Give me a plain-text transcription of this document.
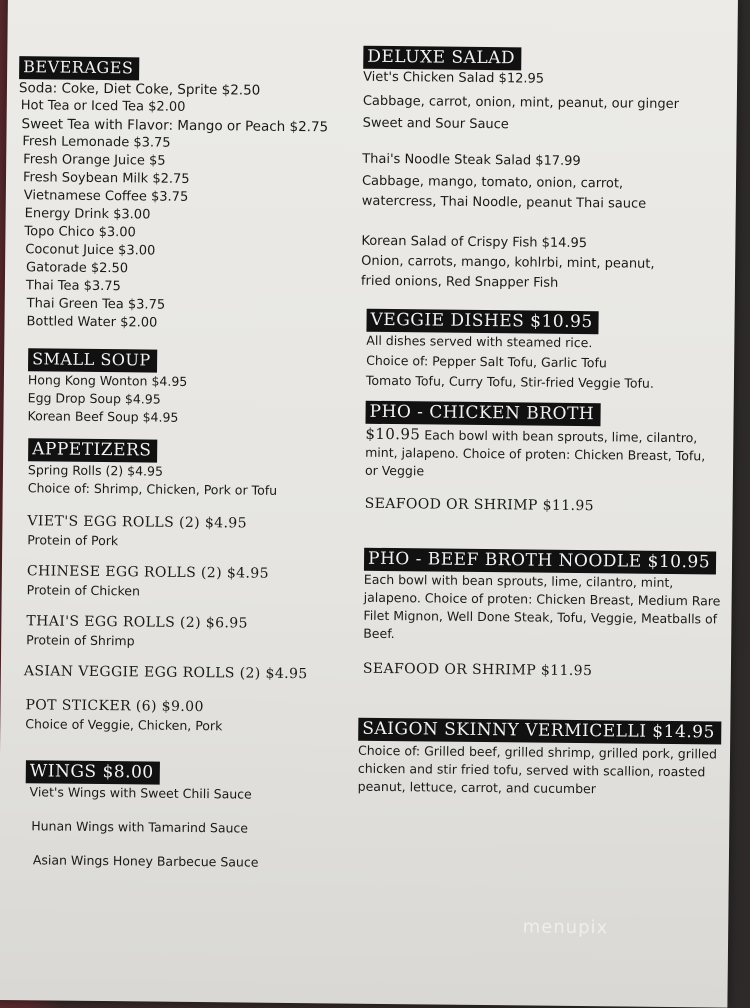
BEVERAGES
Soda: Coke, Diet Coke, Sprite $2.50
Hot Tea or Iced Tea $2.00
Sweet Tea with Flavor: Mango or Peach $2.75
Fresh Lemonade $3.75
Fresh Orange Juice $5
Fresh Soybean Milk $2.75
Vietnamese Coffee $3.75
Energy Drink $3.00
Topo Chico $3.00
Coconut Juice $3.00
Gatorade $2.50
Thai Tea $3.75
Thai Green Tea $3.75
Bottled Water $2.00
SMALL SOUP
Hong Kong Wonton $4.95
Egg Drop Soup $4.95
Korean Beef Soup $4.95
APPETIZERS
Spring Rolls (2) $4.95
Choice of: Shrimp, Chicken, Pork or Tofu
VIET'S EGG ROLLS (2) $4.95
Protein of Pork
CHINESE EGG ROLLS (2) $4.95
Protein of Chicken
THAI'S EGG ROLLS (2) $6.95
Protein of Shrimp
ASIAN VEGGIE EGG ROLLS (2) $4.95
POT STICKER (6) $9.00
Choice of Veggie, Chicken, Pork
WINGS $8.00
Viet's Wings with Sweet Chili Sauce
Hunan Wings with Tamarind Sauce
Asian Wings Honey Barbecue Sauce
DELUXE SALAD
Viet's Chicken Salad $12.95
Cabbage, carrot, onion, mint, peanut, our ginger
Sweet and Sour Sauce
Thai's Noodle Steak Salad $17.99
Cabbage, mango, tomato, onion, carrot,
watercress, Thai Noodle, peanut Thai sauce
Korean Salad of Crispy Fish $14.95
Onion, carrots, mango, kohlrbi, mint, peanut,
fried onions, Red Snapper Fish
VEGGIE DISHES $10.95
All dishes served with steamed rice.
Choice of: Pepper Salt Tofu, Garlic Tofu
Tomato Tofu, Curry Tofu, Stir-fried Veggie Tofu.
PHO - CHICKEN BROTH
$10.95 Each bowl with bean sprouts, lime, cilantro,
mint, jalapeno. Choice of proten: Chicken Breast, Tofu,
or Veggie
SEAFOOD OR SHRIMP $11.95
PHO - BEEF BROTH NOODLE $10.95
Each bowl with bean sprouts, lime, cilantro, mint,
jalapeno. Choice of proten: Chicken Breast, Medium Rare
Filet Mignon, Well Done Steak, Tofu, Veggie, Meatballs of
Beef.
SEAFOOD OR SHRIMP $11.95
SAIGON SKINNY VERMICELLI $14.95
Choice of: Grilled beef, grilled shrimp, grilled pork, grilled
chicken and stir fried tofu, served with scallion, roasted
peanut, lettuce, carrot, and cucumber
menupix
